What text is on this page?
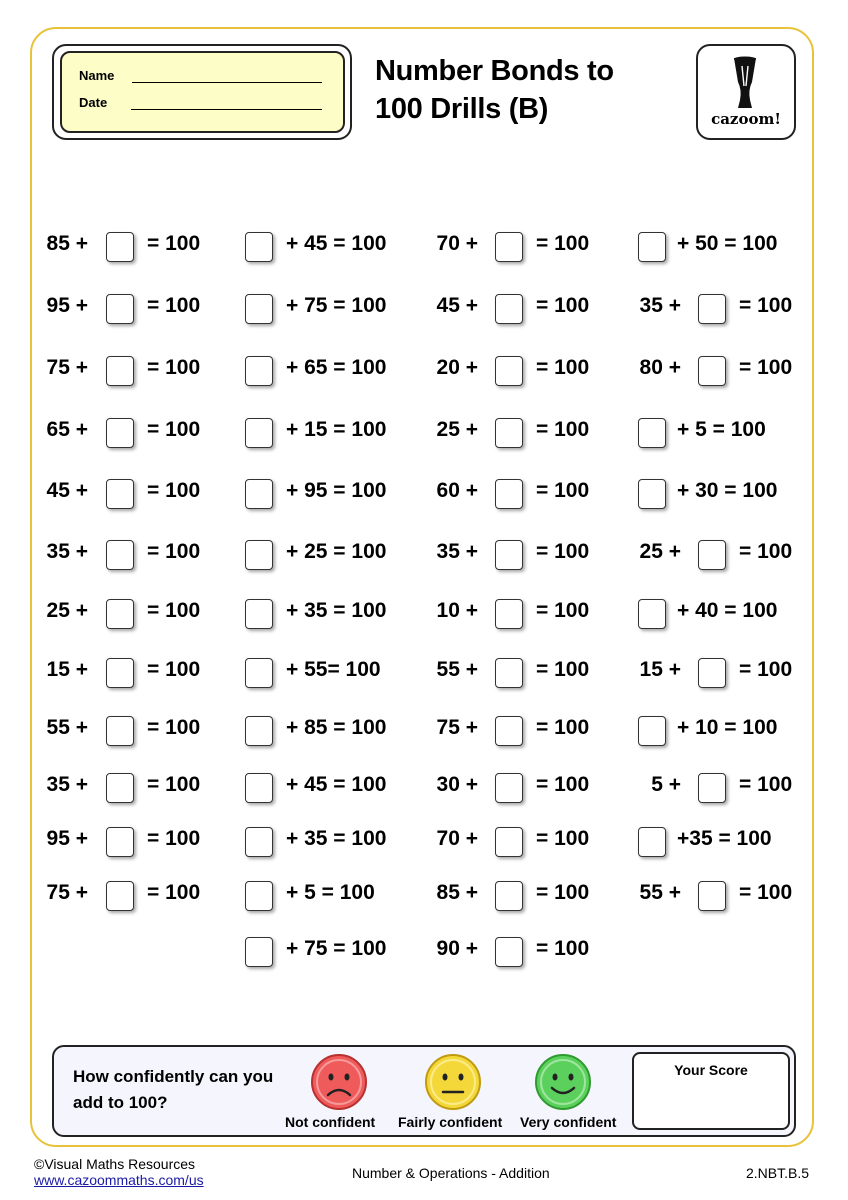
Name
Date
Number Bonds to
100 Drills (B)	cazoom!
85 +	= 100	+ 45 = 100 70 +	= 100	+ 50 = 100
95 +	= 100	+ 75 = 100 45 +	= 100 35 +	= 100
75 +	= 100	+ 65 = 100 20 +	= 100 80 +	= 100
65 +	= 100	+ 15 = 100 25 +	= 100	+ 5 = 100
45 +	= 100	+ 95 = 100 60 +	= 100	+ 30 = 100
35 +	= 100	+ 25 = 100 35 +	= 100 25 +	= 100
25 +	= 100	+ 35 = 100 10 +	= 100	+ 40 = 100
15 +	= 100	+ 55= 100	55 +	= 100 15 +	= 100
55 +	= 100	+ 85 = 100 75 +	= 100	+ 10 = 100
35 +	= 100	+ 45 = 100 30 +	= 100	5 +	= 100
95 +	= 100	+ 35 = 100 70 +	= 100	+35 = 100
75 +	= 100	+ 5 = 100	85 +	= 100 55 +	= 100
+ 75 = 100 90 +	= 100
How confidently can you add to 100?
Not confident Fairly confident Very confident
Your Score
©Visual Maths Resources
www.cazoommaths.com/us	Number & Operations - Addition	2.NBT.B.5
